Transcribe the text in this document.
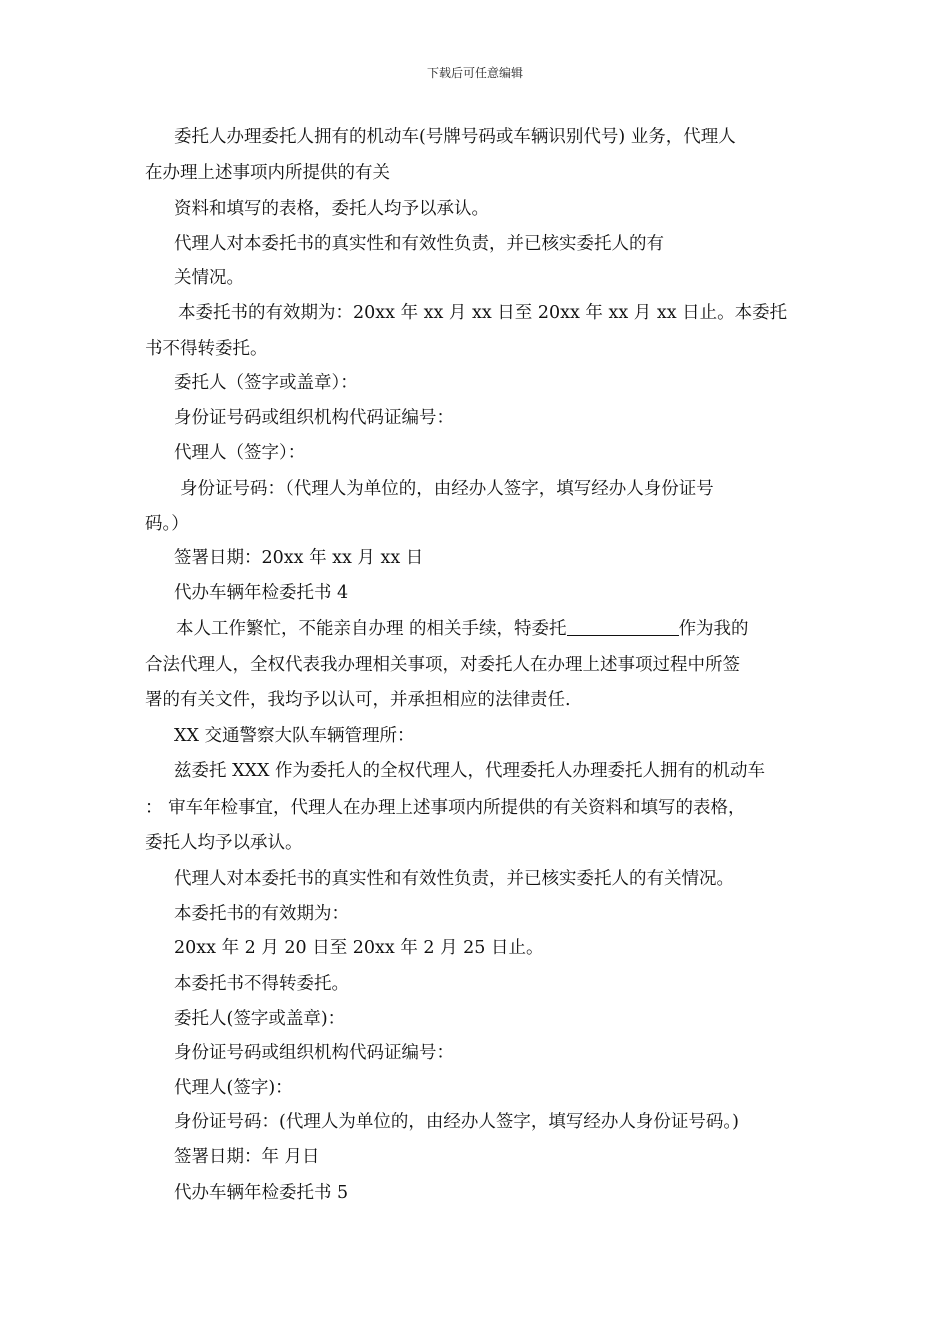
下载后可任意编辑
委托人办理委托人拥有的机动车(号牌号码或车辆识别代号) 业务，代理人
在办理上述事项内所提供的有关
资料和填写的表格，委托人均予以承认。
代理人对本委托书的真实性和有效性负责，并已核实委托人的有
关情况。
本委托书的有效期为：20xx 年 xx 月 xx 日至 20xx 年 xx 月 xx 日止。本委托
书不得转委托。
委托人（签字或盖章）：
身份证号码或组织机构代码证编号：
代理人（签字）：
身份证号码：（代理人为单位的，由经办人签字，填写经办人身份证号
码。）
签署日期：20xx 年 xx 月 xx 日
代办车辆年检委托书 4
本人工作繁忙，不能亲自办理 的相关手续，特委托	作为我的
合法代理人，全权代表我办理相关事项，对委托人在办理上述事项过程中所签
署的有关文件，我均予以认可，并承担相应的法律责任.
XX 交通警察大队车辆管理所：
兹委托 XXX 作为委托人的全权代理人，代理委托人办理委托人拥有的机动车
： 审车年检事宜，代理人在办理上述事项内所提供的有关资料和填写的表格，
委托人均予以承认。
代理人对本委托书的真实性和有效性负责，并已核实委托人的有关情况。
本委托书的有效期为：
20xx 年 2 月 20 日至 20xx 年 2 月 25 日止。
本委托书不得转委托。
委托人(签字或盖章)：
身份证号码或组织机构代码证编号：
代理人(签字)：
身份证号码：(代理人为单位的，由经办人签字，填写经办人身份证号码。)
签署日期：年 月日
代办车辆年检委托书 5
